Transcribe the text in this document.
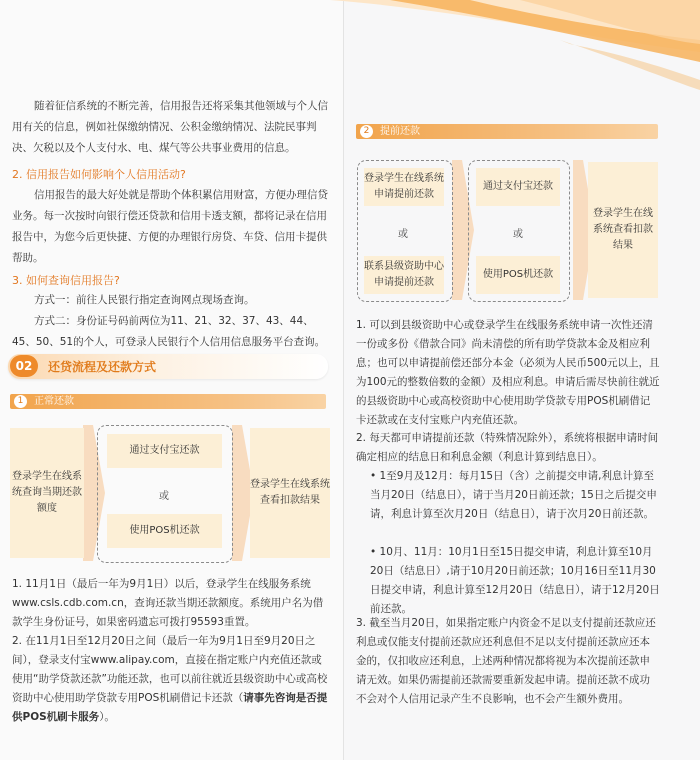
随着征信系统的不断完善，信用报告还将采集其他领域与个人信用有关的信息，例如社保缴纳情况、公积金缴纳情况、法院民事判决、欠税以及个人支付水、电、煤气等公共事业费用的信息。

2. 信用报告如何影响个人信用活动?

信用报告的最大好处就是帮助个体积累信用财富，方便办理信贷业务。每一次按时向银行偿还贷款和信用卡透支额，都将记录在信用报告中，为您今后更快捷、方便的办理银行房贷、车贷、信用卡提供帮助。

3. 如何查询信用报告?

方式一：前往人民银行指定查询网点现场查询。

方式二：身份证号码前两位为11、21、32、37、43、44、45、50、51的个人，可登录人民银行个人信用信息服务平台查询。

02	还贷流程及还款方式
1	正常还款
登录学生在线系统查询当期还款额度
通过支付宝还款
或
使用POS机还款
登录学生在线系统查看扣款结果

1. 11月1日（最后一年为9月1日）以后，登录学生在线服务系统www.csls.cdb.com.cn，查询还款当期还款额度。系统用户名为借款学生身份证号，如果密码遗忘可拨打95593重置。

2. 在11月1日至12月20日之间（最后一年为9月1日至9月20日之间），登录支付宝www.alipay.com，直接在指定账户内充值还款或使用“助学贷款还款”功能还款，也可以前往就近县级资助中心或高校资助中心使用助学贷款专用POS机刷借记卡还款（请事先咨询是否提供POS机刷卡服务）。

2	提前还款
登录学生在线系统申请提前还款
或
联系县级资助中心申请提前还款
通过支付宝还款
或
使用POS机还款
登录学生在线系统查看扣款结果

1. 可以到县级资助中心或登录学生在线服务系统申请一次性还清一份或多份《借款合同》尚未清偿的所有助学贷款本金及相应利息；也可以申请提前偿还部分本金（必须为人民币500元以上，且为100元的整数倍数的金额）及相应利息。申请后需尽快前往就近的县级资助中心或高校资助中心使用助学贷款专用POS机刷借记卡还款或在支付宝账户内充值还款。

2. 每天都可申请提前还款（特殊情况除外），系统将根据申请时间确定相应的结息日和利息金额（利息计算到结息日）。

• 1至9月及12月：每月15日（含）之前提交申请,利息计算至当月20日（结息日），请于当月20日前还款；15日之后提交申请，利息计算至次月20日（结息日），请于次月20日前还款。

• 10月、11月：10月1日至15日提交申请，利息计算至10月20日（结息日）,请于10月20日前还款；10月16日至11月30日提交申请，利息计算至12月20日（结息日），请于12月20日前还款。

3. 截至当月20日，如果指定账户内资金不足以支付提前还款应还利息或仅能支付提前还款应还利息但不足以支付提前还款应还本金的，仅扣收应还利息，上述两种情况都将视为本次提前还款申请无效。如果仍需提前还款需要重新发起申请。提前还款不成功不会对个人信用记录产生不良影响，也不会产生额外费用。
